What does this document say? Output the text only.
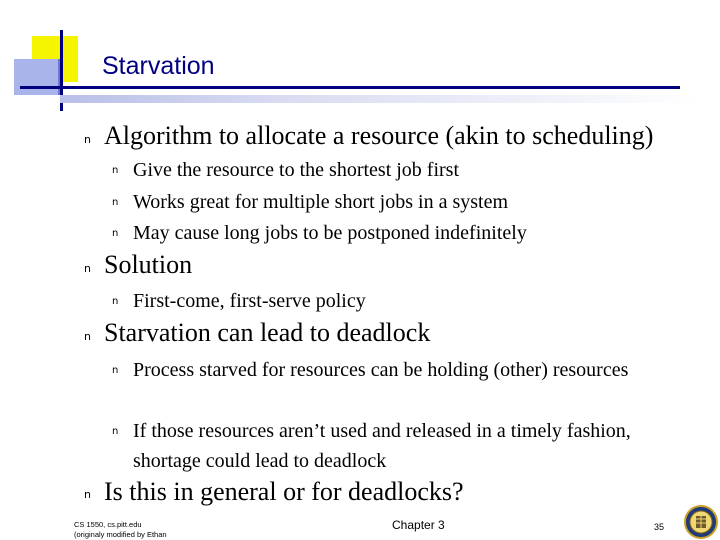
Starvation
n Algorithm to allocate a resource (akin to scheduling)

n Give the resource to the shortest job first

n Works great for multiple short jobs in a system

n May cause long jobs to be postponed indefinitely

n Solution

n First-come, first-serve policy

n Starvation can lead to deadlock

n Process starved for resources can be holding (other) resources

n If those resources aren’t used and released in a timely fashion, shortage could lead to deadlock

n Is this in general or for deadlocks?

CS 1550, cs.pitt.edu
(originaly modified by Ethan
Chapter 3	35
